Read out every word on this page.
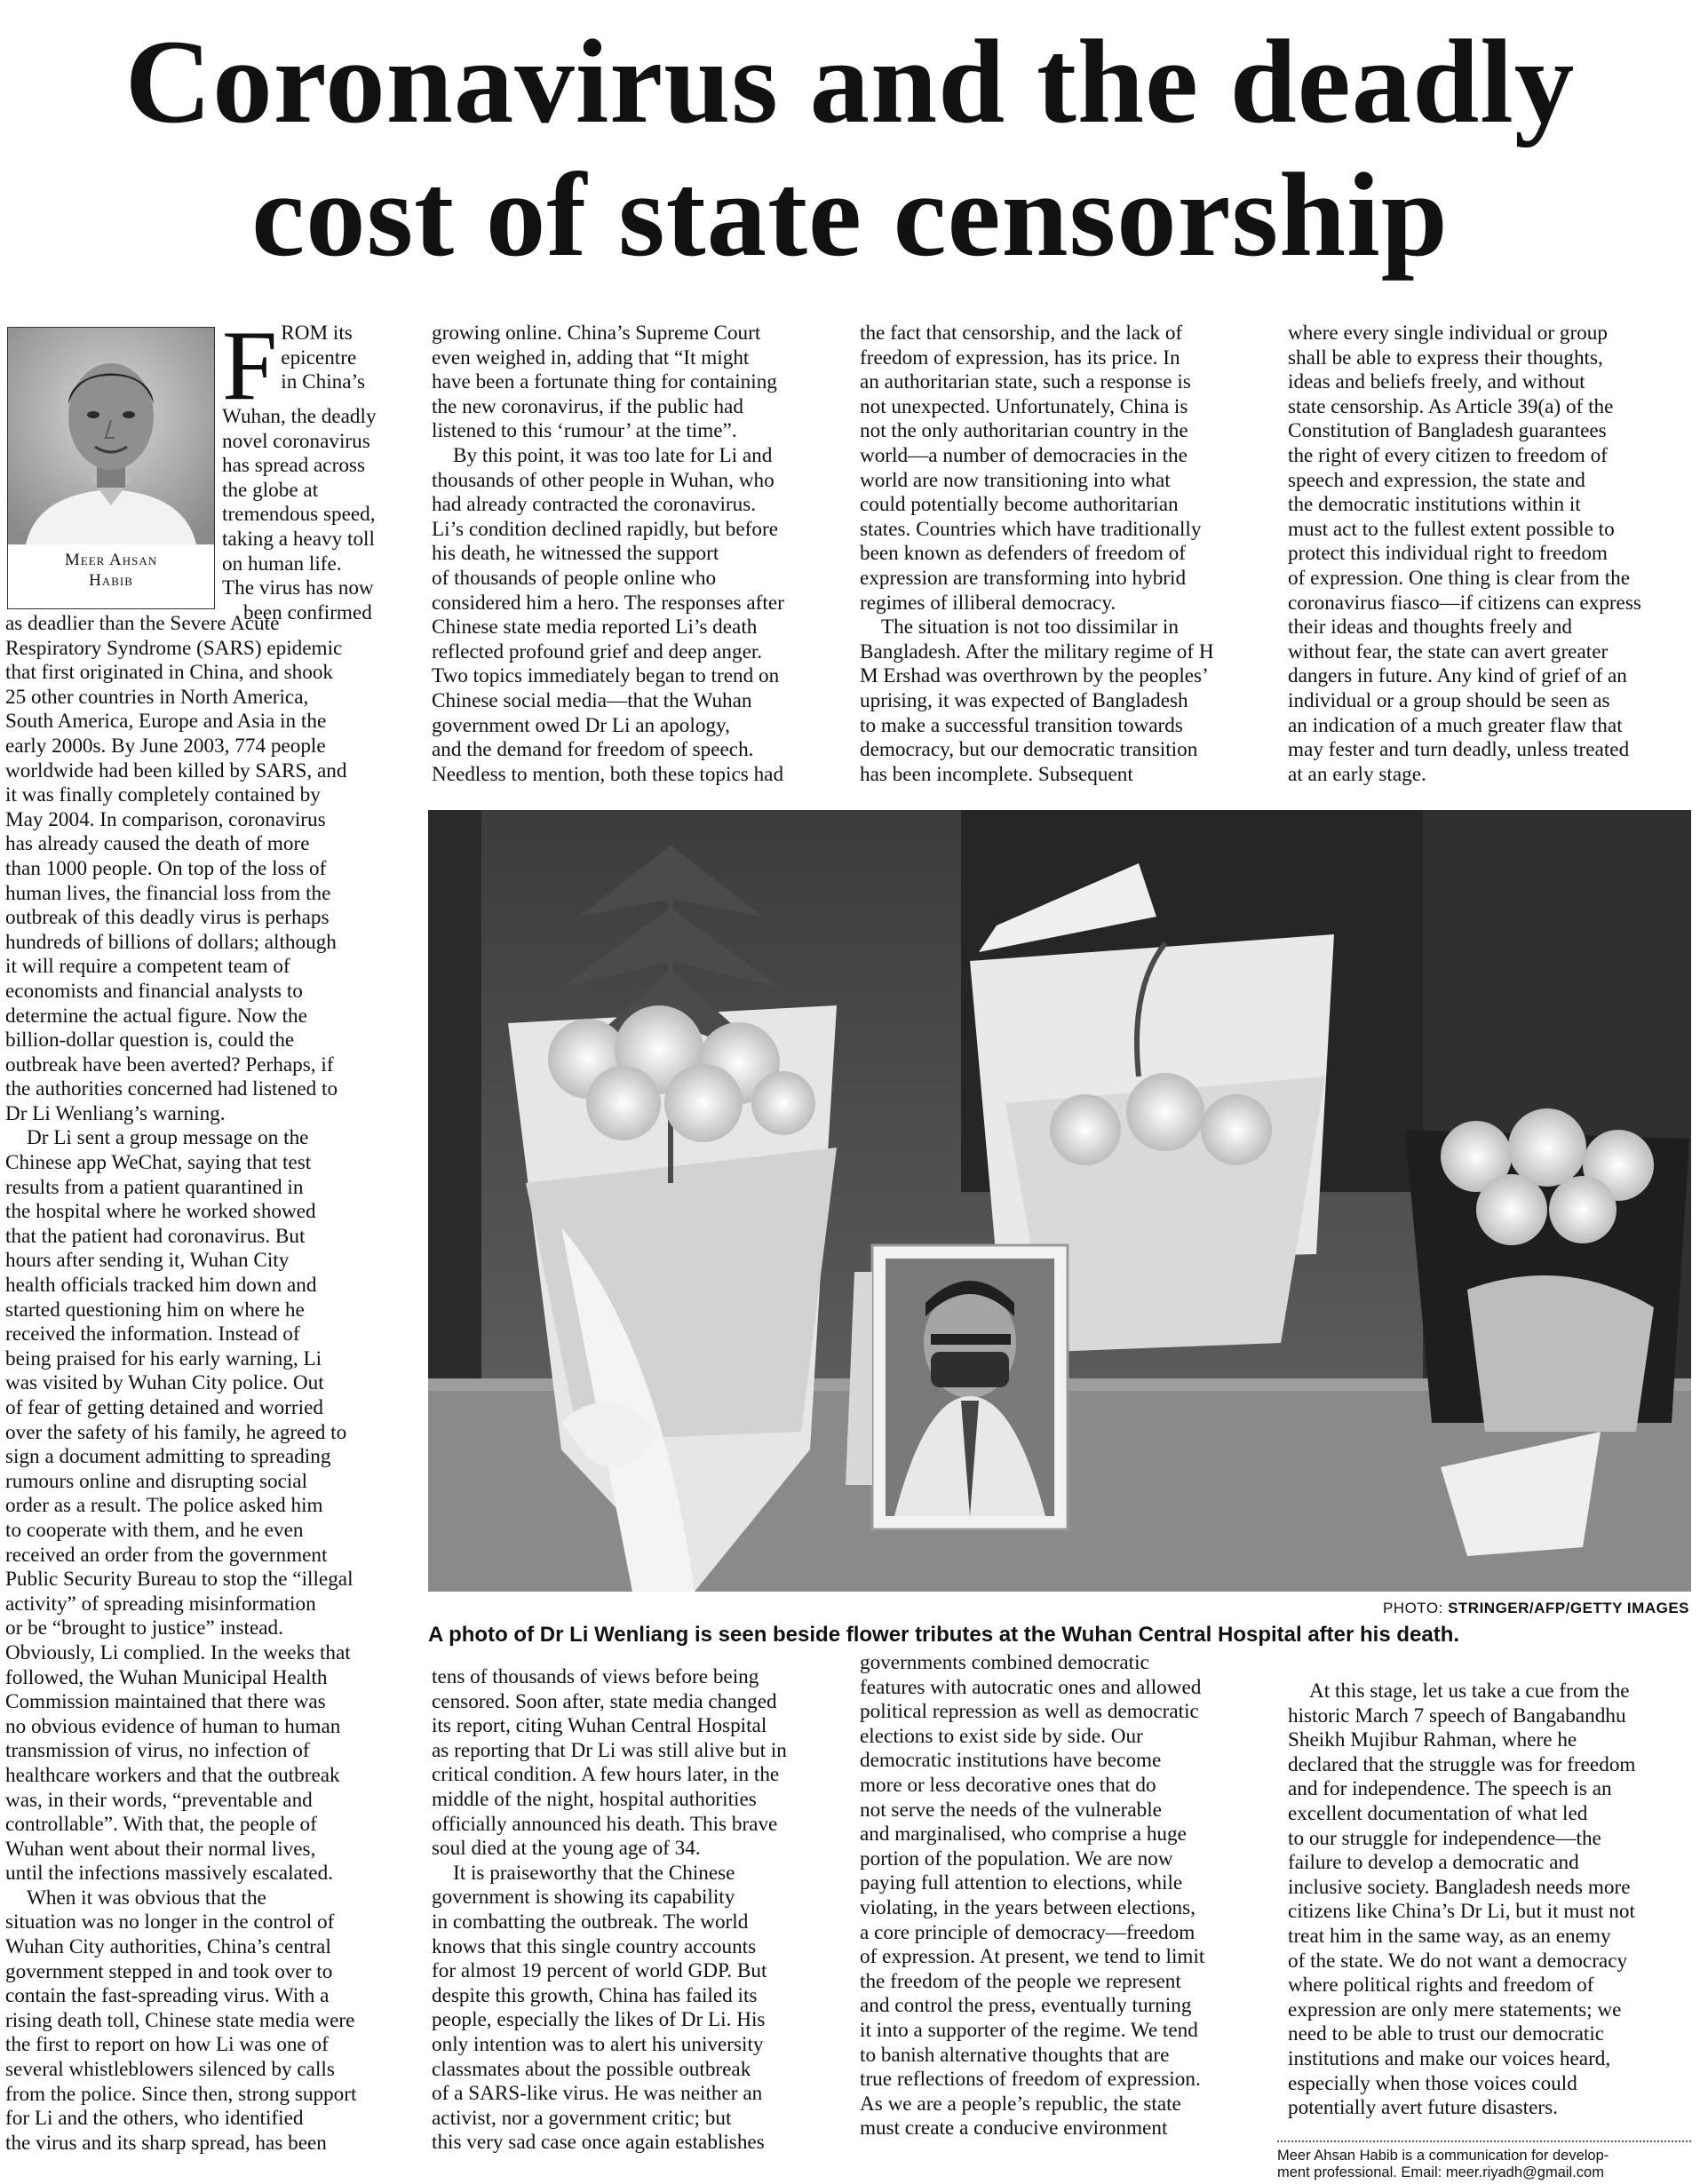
Coronavirus and the deadly
cost of state censorship
Meer Ahsan
Habib
F ROM its

epicentre

in China’s

Wuhan, the deadly

novel coronavirus

has spread across

the globe at

tremendous speed,

taking a heavy toll

on human life.

The virus has now

been confirmed

as deadlier than the Severe Acute

Respiratory Syndrome (SARS) epidemic

that first originated in China, and shook

25 other countries in North America,

South America, Europe and Asia in the

early 2000s. By June 2003, 774 people

worldwide had been killed by SARS, and

it was finally completely contained by

May 2004. In comparison, coronavirus

has already caused the death of more

than 1000 people. On top of the loss of

human lives, the financial loss from the

outbreak of this deadly virus is perhaps

hundreds of billions of dollars; although

it will require a competent team of

economists and financial analysts to

determine the actual figure. Now the

billion-dollar question is, could the

outbreak have been averted? Perhaps, if

the authorities concerned had listened to

Dr Li Wenliang’s warning.

Dr Li sent a group message on the

Chinese app WeChat, saying that test

results from a patient quarantined in

the hospital where he worked showed

that the patient had coronavirus. But

hours after sending it, Wuhan City

health officials tracked him down and

started questioning him on where he

received the information. Instead of

being praised for his early warning, Li

was visited by Wuhan City police. Out

of fear of getting detained and worried

over the safety of his family, he agreed to

sign a document admitting to spreading

rumours online and disrupting social

order as a result. The police asked him

to cooperate with them, and he even

received an order from the government

Public Security Bureau to stop the “illegal

activity” of spreading misinformation

or be “brought to justice” instead.

Obviously, Li complied. In the weeks that

followed, the Wuhan Municipal Health

Commission maintained that there was

no obvious evidence of human to human

transmission of virus, no infection of

healthcare workers and that the outbreak

was, in their words, “preventable and

controllable”. With that, the people of

Wuhan went about their normal lives,

until the infections massively escalated.

When it was obvious that the

situation was no longer in the control of

Wuhan City authorities, China’s central

government stepped in and took over to

contain the fast-spreading virus. With a

rising death toll, Chinese state media were

the first to report on how Li was one of

several whistleblowers silenced by calls

from the police. Since then, strong support

for Li and the others, who identified

the virus and its sharp spread, has been

growing online. China’s Supreme Court

even weighed in, adding that “It might

have been a fortunate thing for containing

the new coronavirus, if the public had

listened to this ‘rumour’ at the time”.

By this point, it was too late for Li and

thousands of other people in Wuhan, who

had already contracted the coronavirus.

Li’s condition declined rapidly, but before

his death, he witnessed the support

of thousands of people online who

considered him a hero. The responses after

Chinese state media reported Li’s death

reflected profound grief and deep anger.

Two topics immediately began to trend on

Chinese social media—that the Wuhan

government owed Dr Li an apology,

and the demand for freedom of speech.

Needless to mention, both these topics had

the fact that censorship, and the lack of

freedom of expression, has its price. In

an authoritarian state, such a response is

not unexpected. Unfortunately, China is

not the only authoritarian country in the

world—a number of democracies in the

world are now transitioning into what

could potentially become authoritarian

states. Countries which have traditionally

been known as defenders of freedom of

expression are transforming into hybrid

regimes of illiberal democracy.

The situation is not too dissimilar in

Bangladesh. After the military regime of H

M Ershad was overthrown by the peoples’

uprising, it was expected of Bangladesh

to make a successful transition towards

democracy, but our democratic transition

has been incomplete. Subsequent

where every single individual or group

shall be able to express their thoughts,

ideas and beliefs freely, and without

state censorship. As Article 39(a) of the

Constitution of Bangladesh guarantees

the right of every citizen to freedom of

speech and expression, the state and

the democratic institutions within it

must act to the fullest extent possible to

protect this individual right to freedom

of expression. One thing is clear from the

coronavirus fiasco—if citizens can express

their ideas and thoughts freely and

without fear, the state can avert greater

dangers in future. Any kind of grief of an

individual or a group should be seen as

an indication of a much greater flaw that

may fester and turn deadly, unless treated

at an early stage.

PHOTO: STRINGER/AFP/GETTY IMAGES
A photo of Dr Li Wenliang is seen beside flower tributes at the Wuhan Central Hospital after his death.

tens of thousands of views before being

censored. Soon after, state media changed

its report, citing Wuhan Central Hospital

as reporting that Dr Li was still alive but in

critical condition. A few hours later, in the

middle of the night, hospital authorities

officially announced his death. This brave

soul died at the young age of 34.

It is praiseworthy that the Chinese

government is showing its capability

in combatting the outbreak. The world

knows that this single country accounts

for almost 19 percent of world GDP. But

despite this growth, China has failed its

people, especially the likes of Dr Li. His

only intention was to alert his university

classmates about the possible outbreak

of a SARS-like virus. He was neither an

activist, nor a government critic; but

this very sad case once again establishes

governments combined democratic

features with autocratic ones and allowed

political repression as well as democratic

elections to exist side by side. Our

democratic institutions have become

more or less decorative ones that do

not serve the needs of the vulnerable

and marginalised, who comprise a huge

portion of the population. We are now

paying full attention to elections, while

violating, in the years between elections,

a core principle of democracy—freedom

of expression. At present, we tend to limit

the freedom of the people we represent

and control the press, eventually turning

it into a supporter of the regime. We tend

to banish alternative thoughts that are

true reflections of freedom of expression.

As we are a people’s republic, the state

must create a conducive environment

At this stage, let us take a cue from the

historic March 7 speech of Bangabandhu

Sheikh Mujibur Rahman, where he

declared that the struggle was for freedom

and for independence. The speech is an

excellent documentation of what led

to our struggle for independence—the

failure to develop a democratic and

inclusive society. Bangladesh needs more

citizens like China’s Dr Li, but it must not

treat him in the same way, as an enemy

of the state. We do not want a democracy

where political rights and freedom of

expression are only mere statements; we

need to be able to trust our democratic

institutions and make our voices heard,

especially when those voices could

potentially avert future disasters.

Meer Ahsan Habib is a communication for develop-

ment professional. Email: meer.riyadh@gmail.com
